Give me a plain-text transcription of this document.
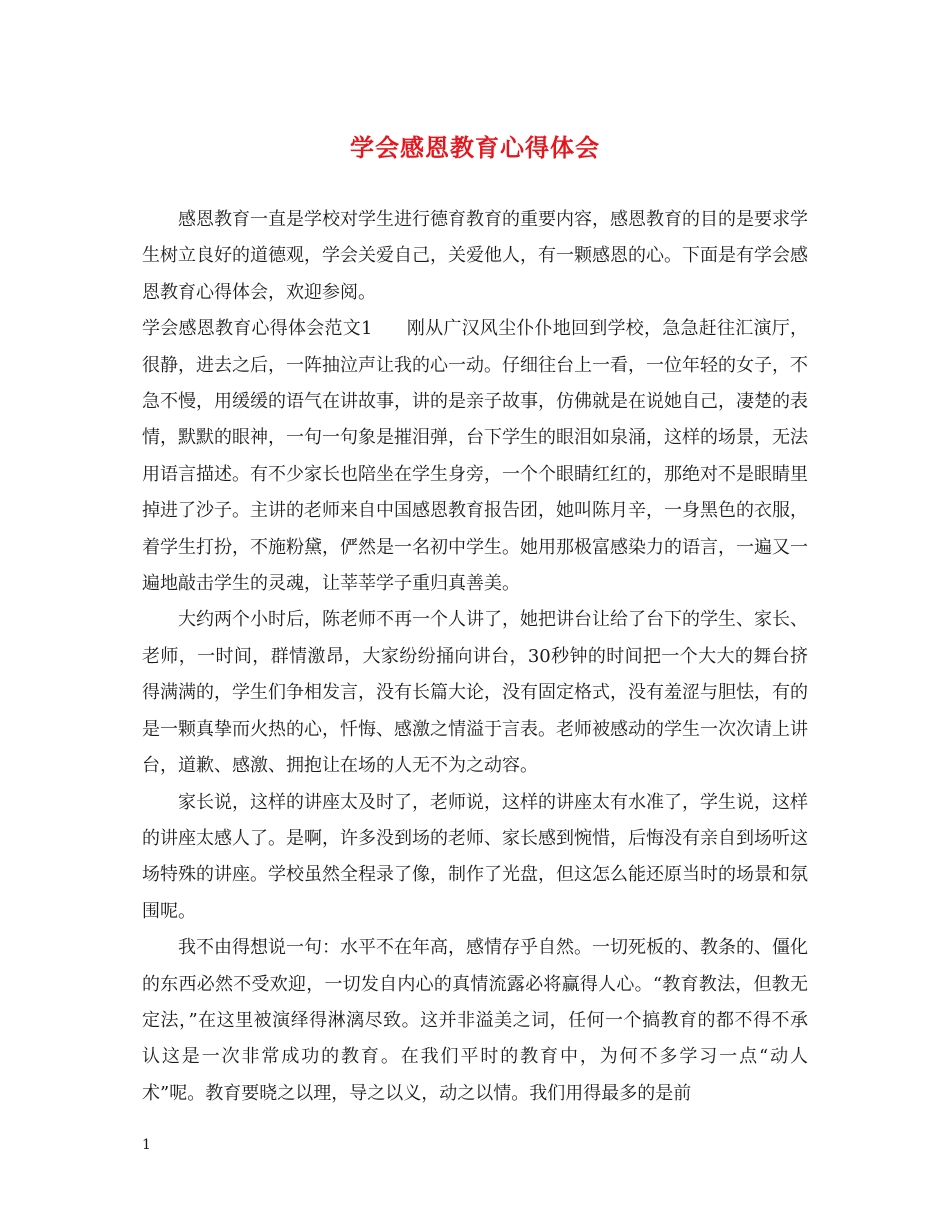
学会感恩教育心得体会

感恩教育一直是学校对学生进行德育教育的重要内容，感恩教育的目的是要求学生树立良好的道德观，学会关爱自己，关爱他人，有一颗感恩的心。下面是有学会感恩教育心得体会，欢迎参阅。

学会感恩教育心得体会范文1 刚从广汉风尘仆仆地回到学校，急急赶往汇演厅，很静，进去之后，一阵抽泣声让我的心一动。仔细往台上一看，一位年轻的女子，不急不慢，用缓缓的语气在讲故事，讲的是亲子故事，仿佛就是在说她自己，凄楚的表情，默默的眼神，一句一句象是摧泪弹，台下学生的眼泪如泉涌，这样的场景，无法用语言描述。有不少家长也陪坐在学生身旁，一个个眼睛红红的，那绝对不是眼睛里掉进了沙子。主讲的老师来自中国感恩教育报告团，她叫陈月辛，一身黑色的衣服，着学生打扮，不施粉黛，俨然是一名初中学生。她用那极富感染力的语言，一遍又一遍地敲击学生的灵魂，让莘莘学子重归真善美。

大约两个小时后，陈老师不再一个人讲了，她把讲台让给了台下的学生、家长、老师，一时间，群情激昂，大家纷纷捅向讲台，30秒钟的时间把一个大大的舞台挤得满满的，学生们争相发言，没有长篇大论，没有固定格式，没有羞涩与胆怯，有的是一颗真挚而火热的心，忏悔、感激之情溢于言表。老师被感动的学生一次次请上讲台，道歉、感激、拥抱让在场的人无不为之动容。

家长说，这样的讲座太及时了，老师说，这样的讲座太有水准了，学生说，这样的讲座太感人了。是啊，许多没到场的老师、家长感到惋惜，后悔没有亲自到场听这场特殊的讲座。学校虽然全程录了像，制作了光盘，但这怎么能还原当时的场景和氛围呢。

我不由得想说一句：水平不在年高，感情存乎自然。一切死板的、教条的、僵化的东西必然不受欢迎，一切发自内心的真情流露必将赢得人心。“教育教法，但教无定法，”在这里被演绎得淋漓尽致。这并非溢美之词，任何一个搞教育的都不得不承认这是一次非常成功的教育。在我们平时的教育中，为何不多学习一点“动人术”呢。教育要晓之以理，导之以义，动之以情。我们用得最多的是前

1
